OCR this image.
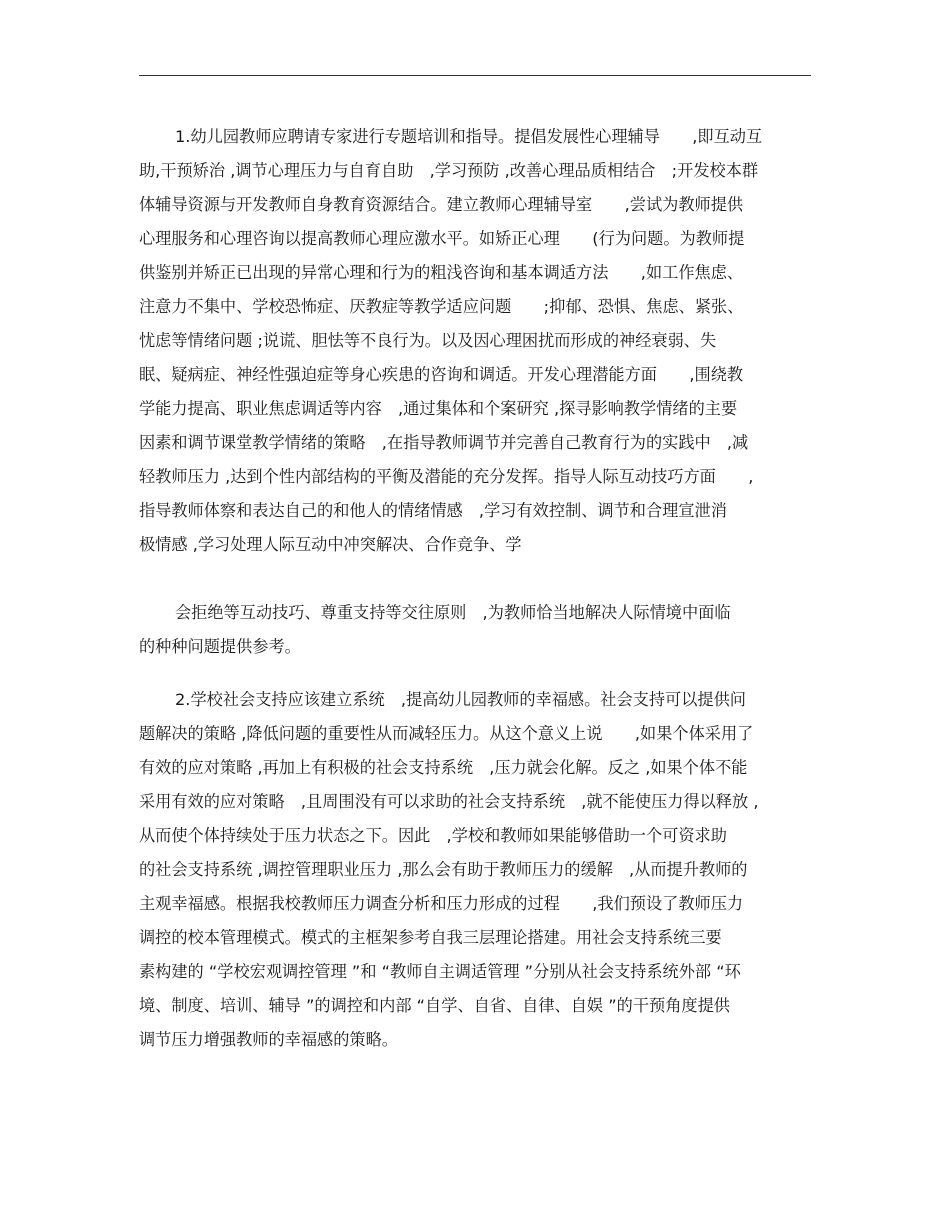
1.幼儿园教师应聘请专家进行专题培训和指导。提倡发展性心理辅导　　,即互动互
助,干预矫治 ,调节心理压力与自育自助　,学习预防 ,改善心理品质相结合　;开发校本群
体辅导资源与开发教师自身教育资源结合。建立教师心理辅导室　　,尝试为教师提供
心理服务和心理咨询以提高教师心理应激水平。如矫正心理　　(行为问题。为教师提
供鉴别并矫正已出现的异常心理和行为的粗浅咨询和基本调适方法　　,如工作焦虑、
注意力不集中、学校恐怖症、厌教症等教学适应问题　　;抑郁、恐惧、焦虑、紧张、
忧虑等情绪问题 ;说谎、胆怯等不良行为。以及因心理困扰而形成的神经衰弱、失
眠、疑病症、神经性强迫症等身心疾患的咨询和调适。开发心理潜能方面　　,围绕教
学能力提高、职业焦虑调适等内容　,通过集体和个案研究 ,探寻影响教学情绪的主要
因素和调节课堂教学情绪的策略　,在指导教师调节并完善自己教育行为的实践中　,减
轻教师压力 ,达到个性内部结构的平衡及潜能的充分发挥。指导人际互动技巧方面　　,
指导教师体察和表达自己的和他人的情绪情感　,学习有效控制、调节和合理宣泄消
极情感 ,学习处理人际互动中冲突解决、合作竞争、学
会拒绝等互动技巧、尊重支持等交往原则　,为教师恰当地解决人际情境中面临
的种种问题提供参考。
2.学校社会支持应该建立系统　,提高幼儿园教师的幸福感。社会支持可以提供问
题解决的策略 ,降低问题的重要性从而减轻压力。从这个意义上说　　,如果个体采用了
有效的应对策略 ,再加上有积极的社会支持系统　,压力就会化解。反之 ,如果个体不能
采用有效的应对策略　,且周围没有可以求助的社会支持系统　,就不能使压力得以释放 ,
从而使个体持续处于压力状态之下。因此　,学校和教师如果能够借助一个可资求助
的社会支持系统 ,调控管理职业压力 ,那么会有助于教师压力的缓解　,从而提升教师的
主观幸福感。根据我校教师压力调查分析和压力形成的过程　　,我们预设了教师压力
调控的校本管理模式。模式的主框架参考自我三层理论搭建。用社会支持系统三要
素构建的 “学校宏观调控管理 ”和 “教师自主调适管理 ”分别从社会支持系统外部 “环
境、制度、培训、辅导 ”的调控和内部 “自学、自省、自律、自娱 ”的干预角度提供
调节压力增强教师的幸福感的策略。
